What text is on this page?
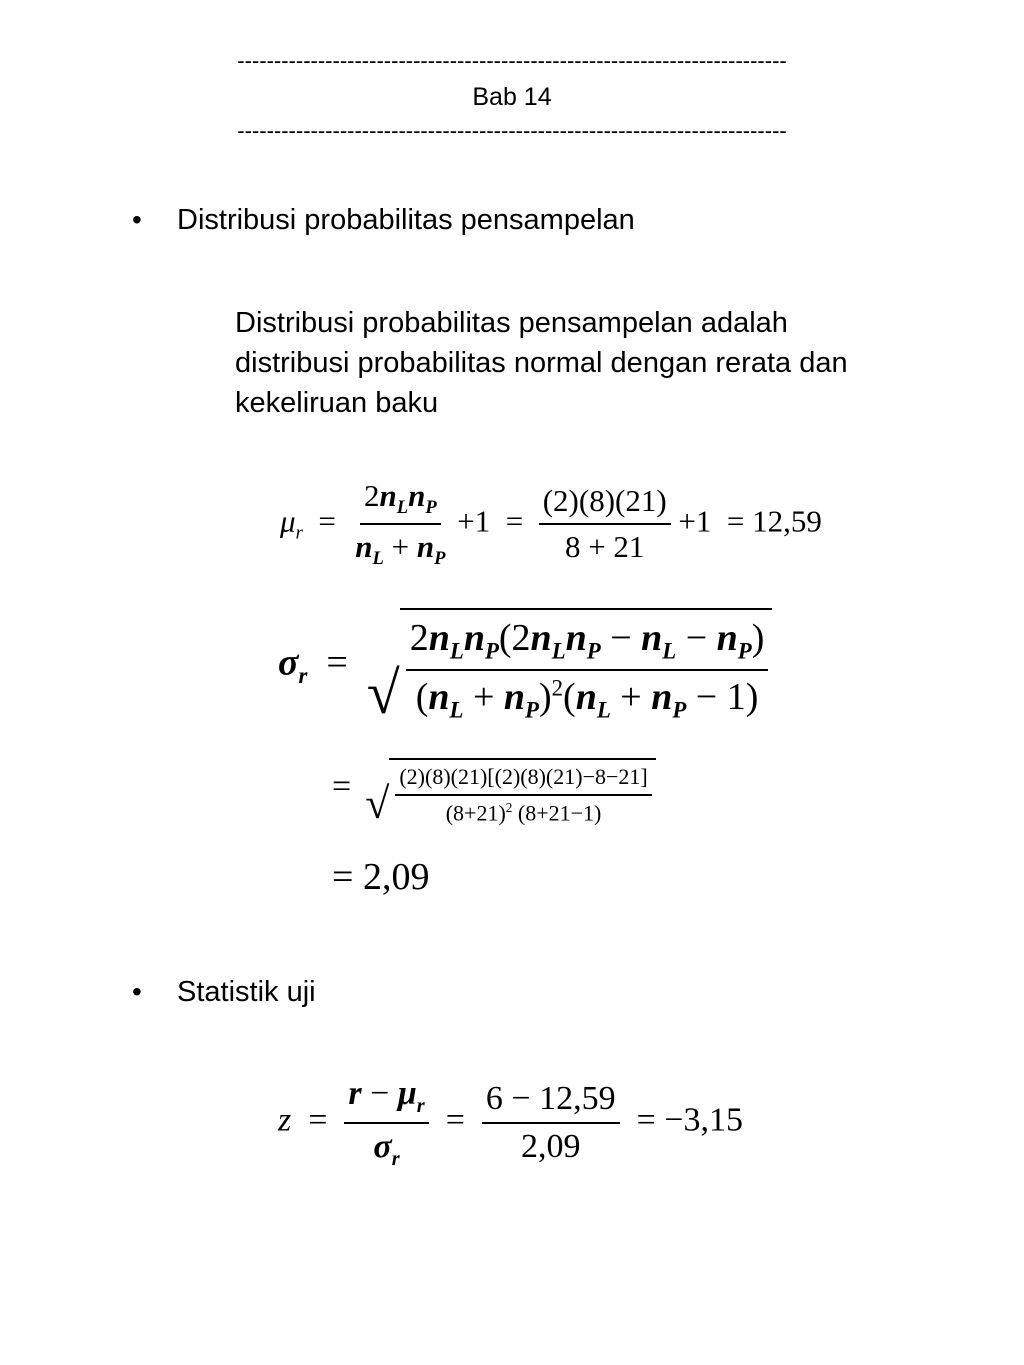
---------------------------------------------------------------------------
Bab 14
---------------------------------------------------------------------------
• Distribusi probabilitas pensampelan
Distribusi probabilitas pensampelan adalah
distribusi probabilitas normal dengan rerata dan
kekeliruan baku
$\mu_r = \frac{2n_Ln_P}{n_L + n_P} +1 = \frac{(2)(8)(21)}{8 + 21} +1 = 12,59$
$\sigma_r$  = √ $\frac{2n_Ln_P(2n_Ln_P - n_L - n_P)}{(n_L + n_P)^2(n_L + n_P - 1)}$
= √ $\frac{(2)(8)(21)[(2)(8)(21)-8-21]}{(8+21)^2 (8+21-1)}$
= 2,09
• Statistik uji
$z = \frac{r - \mu_r}{\sigma_r} = \frac{6 - 12,59}{2,09} = -3,15$
